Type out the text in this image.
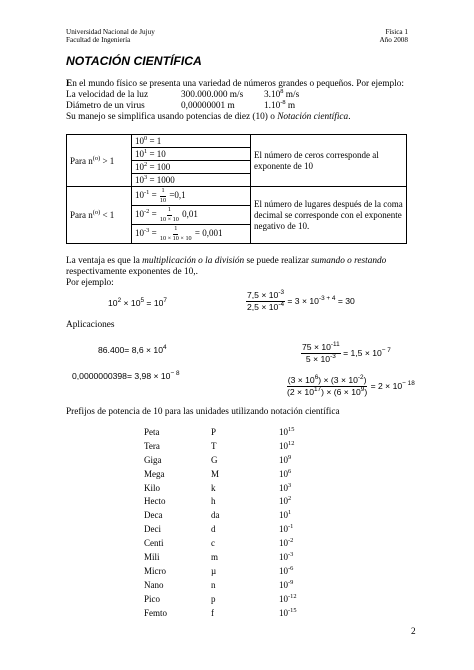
Universidad Nacional de Jujuy
Facultad de Ingeniería
Física 1
Año 2008
NOTACIÓN CIENTÍFICA
En el mundo físico se presenta una variedad de números grandes o pequeños. Por ejemplo:
La velocidad de la luz	300.000.000 m/s 3.10$^8$ m/s
Diámetro de un virus	0,00000001 m	$1.10^{-8}$ m
Su manejo se simplifica usando potencias de diez (10) o Notación científica.
Para $n^{(o)} > 1$	$10^0 = 1$	El número de ceros corresponde al exponente de 10
	$10^1 = 10$	
	$10^2 = 100$	
	$10^3 = 1000$	
Para $n^{(o)} < 1$	$10^{-1} = \frac{1}{10} =0,1$	El número de lugares después de la coma decimal se corresponde con el exponente negativo de 10.
	$10^{-2} = \frac{1}{10 \times 10} 0,01$	
	$10^{-3} = \frac{1}{10 \times 10 \times 10} = 0,001$	
La ventaja es que la multiplicación o la división se puede realizar sumando o restando
respectivamente exponentes de 10,.
Por ejemplo:
$10^2 \times 10^5 = 10^7$	$\frac{7,5 \times 10^{-3}}{2,5 \times 10^{-4}} = 3 \times 10^{-3 + 4} = 30$
Aplicaciones
$86.400= 8,6 \times 10^4$
$0,0000000398= 3,98 \times 10^{- 8}$
$\frac{75 \times 10^{-11}}{5 \times 10^{-3}} = 1,5 \times 10^{- 7}$
$\frac{(3 \times 10^6) \times (3 \times 10^{-2})}{(2 \times 10^{17}) \times (6 \times 10^9)} = 2 \times 10^{- 18}$
Prefijos de potencia de 10 para las unidades utilizando notación científica
Peta	P	$10^{15}$
Tera	T	$10^{12}$
Giga	G	$10^9$
Mega	M	$10^6$
Kilo	k	$10^3$
Hecto	h	$10^2$
Deca	da	$10^1$
Deci	d	$10^{-1}$
Centi	c	$10^{-2}$
Mili	m	$10^{-3}$
Micro	µ	$10^{-6}$
Nano	n	$10^{-9}$
Pico	p	$10^{-12}$
Femto	f	$10^{-15}$
2
